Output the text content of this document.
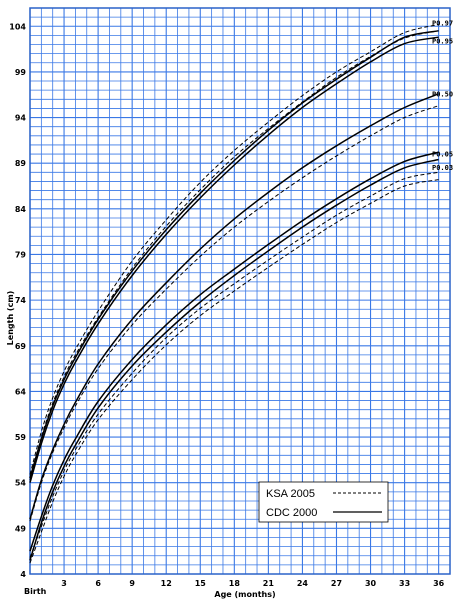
4
49
54
59
64
69
74
79
84
89
94
99
104
3	6	9	12	15	18	21	24	27	30	33	36
P0.97
P0.95
P0.50
P0.05
P0.03
Length (cm)
Age (months)
Birth
KSA 2005
CDC 2000
